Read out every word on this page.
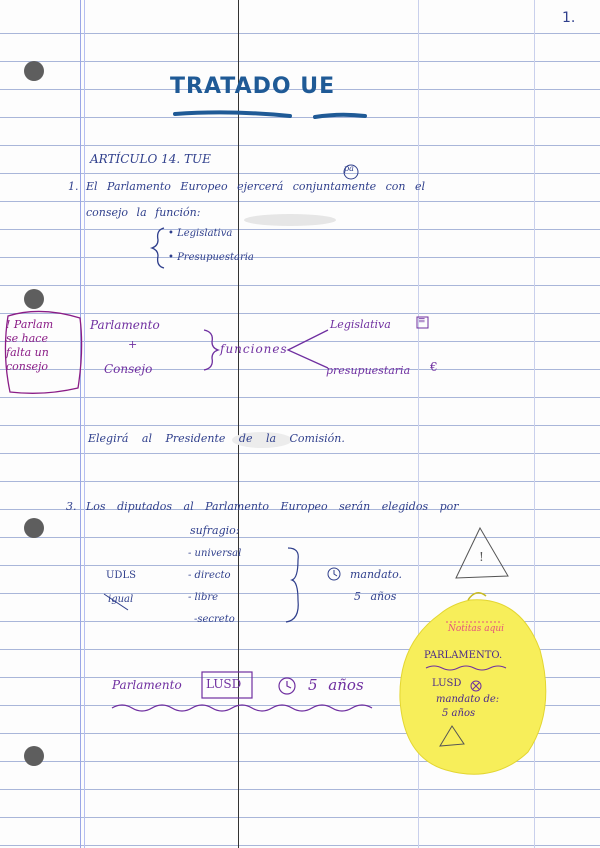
1.
TRATADO UE
ARTÍCULO 14. TUE
1. El Parlamento Europeo ejercerá conjuntamente con el
consejo la función:
pa
• Legislativa
• Presupuestaria
! Parlam
se hace
falta un
consejo
Parlamento
+
Consejo
funciones
Legislativa	≡
presupuestaria €
Elegirá al Presidente de la Comisión.
3. Los diputados al Parlamento Europeo serán elegidos por
sufragio:
- universal
- directo
- libre
-secreto
UDLS
igual
mandato.
5 años
!
Parlamento LUSD	5 años
Notitas aqui
PARLAMENTO.
LUSD
mandato de:
5 años
